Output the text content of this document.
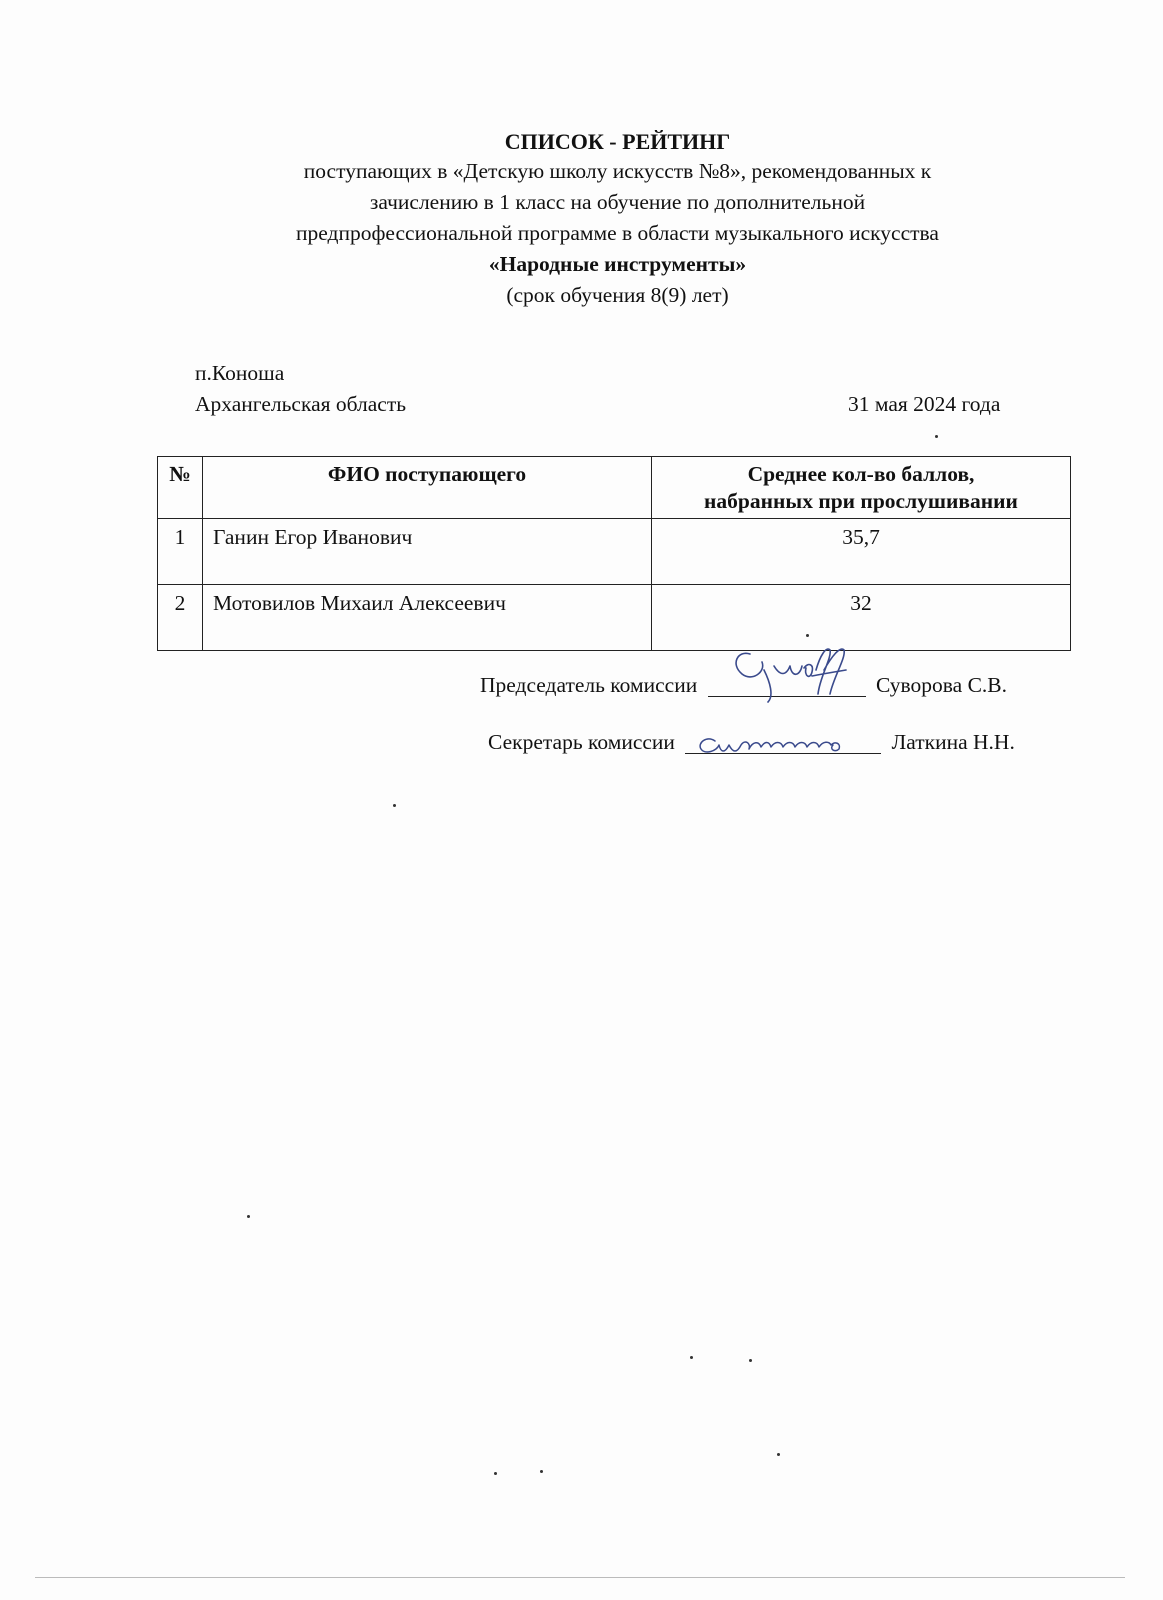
СПИСОК - РЕЙТИНГ
поступающих в «Детскую школу искусств №8», рекомендованных к
зачислению в 1 класс на обучение по дополнительной
предпрофессиональной программе в области музыкального искусства
«Народные инструменты»
(срок обучения 8(9) лет)
п.Коноша
Архангельская область	31 мая 2024 года
№	ФИО поступающего	Среднее кол-во баллов,
набранных при прослушивании

1	Ганин Егор Иванович	35,7
2	Мотовилов Михаил Алексеевич	32
Председатель комиссии	Суворова С.В.
Секретарь комиссии	Латкина Н.Н.
